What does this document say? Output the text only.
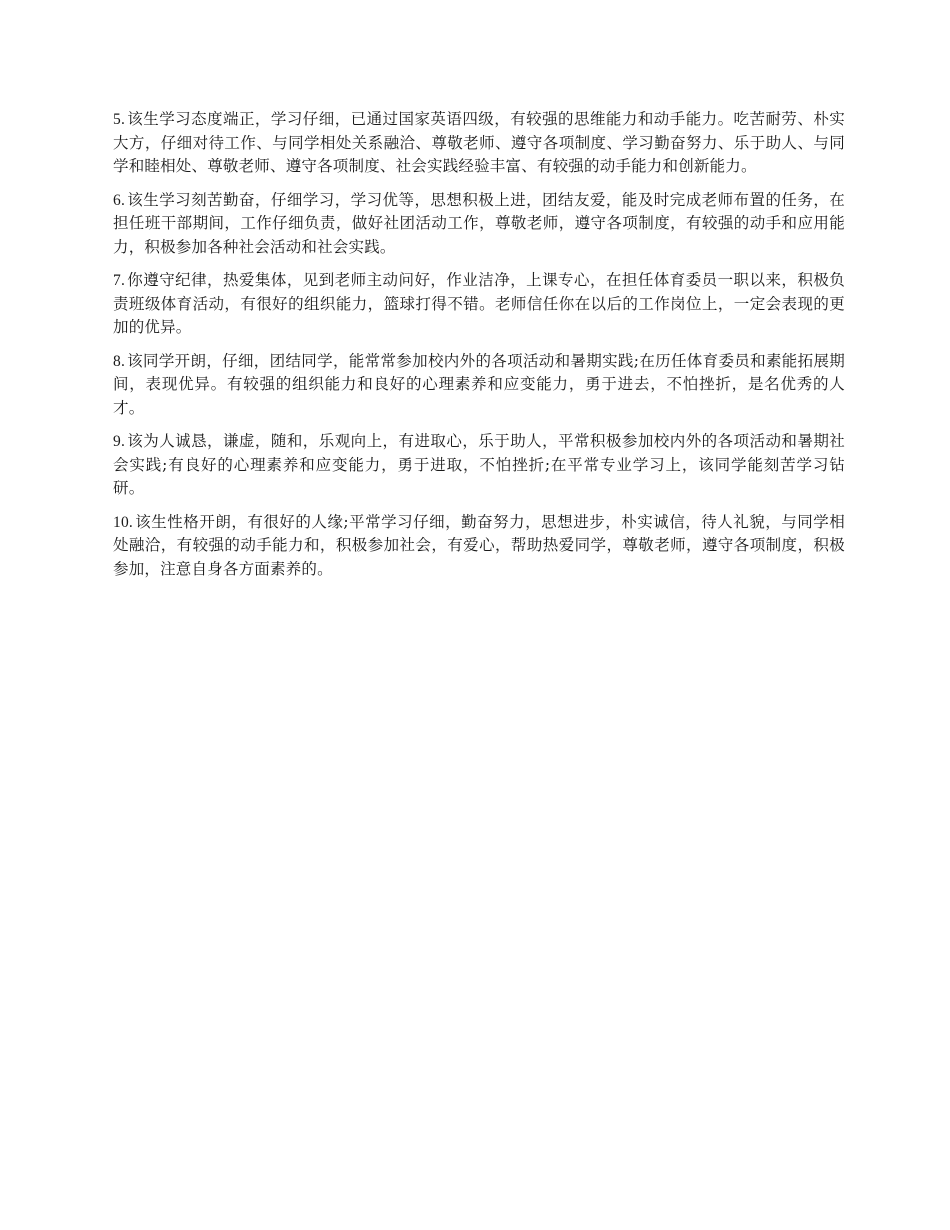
5. 该生学习态度端正，学习仔细，已通过国家英语四级，有较强的思维能力和动手能力。吃苦耐劳、朴实大方，仔细对待工作、与同学相处关系融洽、尊敬老师、遵守各项制度、学习勤奋努力、乐于助人、与同学和睦相处、尊敬老师、遵守各项制度、社会实践经验丰富、有较强的动手能力和创新能力。

6. 该生学习刻苦勤奋，仔细学习，学习优等，思想积极上进，团结友爱，能及时完成老师布置的任务，在担任班干部期间，工作仔细负责，做好社团活动工作，尊敬老师，遵守各项制度，有较强的动手和应用能力，积极参加各种社会活动和社会实践。

7. 你遵守纪律，热爱集体，见到老师主动问好，作业洁净，上课专心，在担任体育委员一职以来，积极负责班级体育活动，有很好的组织能力，篮球打得不错。老师信任你在以后的工作岗位上，一定会表现的更加的优异。

8. 该同学开朗，仔细，团结同学，能常常参加校内外的各项活动和暑期实践;在历任体育委员和素能拓展期间，表现优异。有较强的组织能力和良好的心理素养和应变能力，勇于进去，不怕挫折，是名优秀的人才。

9. 该为人诚恳，谦虚，随和，乐观向上，有进取心，乐于助人，平常积极参加校内外的各项活动和暑期社会实践;有良好的心理素养和应变能力，勇于进取，不怕挫折;在平常专业学习上，该同学能刻苦学习钻研。

10. 该生性格开朗，有很好的人缘;平常学习仔细，勤奋努力，思想进步，朴实诚信，待人礼貌，与同学相处融洽，有较强的动手能力和，积极参加社会，有爱心，帮助热爱同学，尊敬老师，遵守各项制度，积极参加，注意自身各方面素养的。
